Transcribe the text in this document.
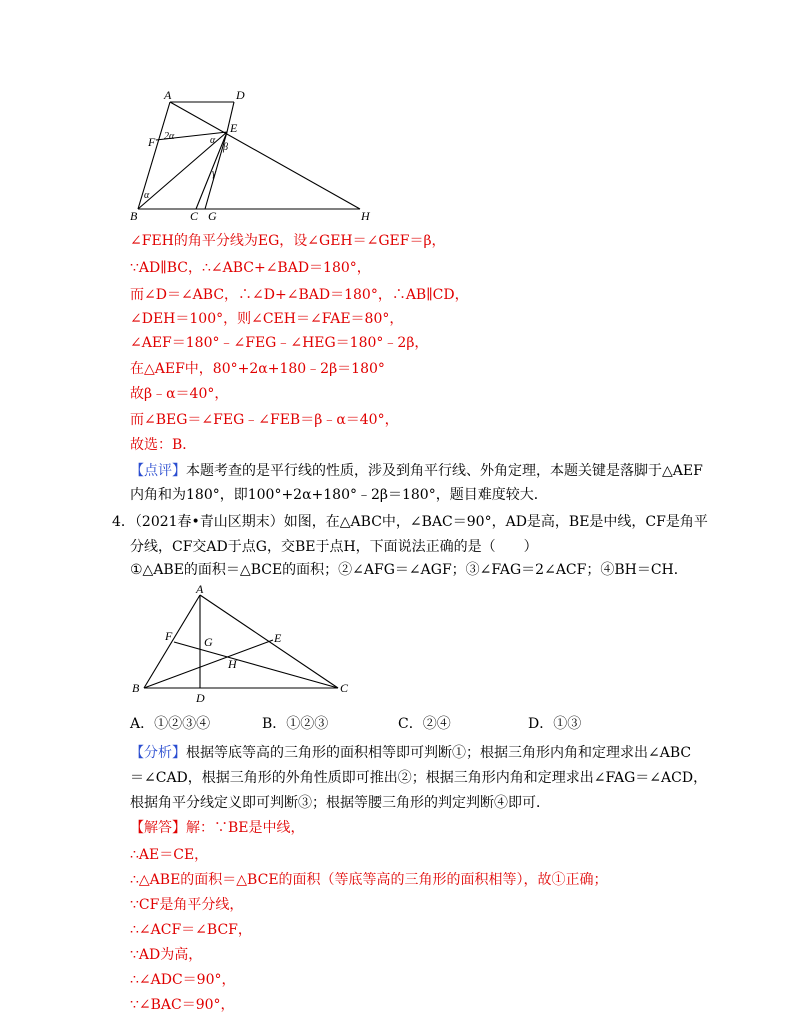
A	D
E
F
B	C G	H
2α	α
β
γ
α
∠FEH的角平分线为EG，设∠GEH＝∠GEF＝β，
∵AD∥BC，∴∠ABC+∠BAD＝180°，
而∠D＝∠ABC，∴∠D+∠BAD＝180°，∴AB∥CD，
∠DEH＝100°，则∠CEH＝∠FAE＝80°，
∠AEF＝180°﹣∠FEG﹣∠HEG＝180°﹣2β，
在△AEF中，80°+2α+180﹣2β＝180°
故β﹣α＝40°，
而∠BEG＝∠FEG﹣∠FEB＝β﹣α＝40°，
故选：B．
【点评】本题考查的是平行线的性质，涉及到角平行线、外角定理，本题关键是落脚于△AEF
内角和为180°，即100°+2α+180°﹣2β＝180°，题目难度较大．
4．（2021春•青山区期末）如图，在△ABC中，∠BAC＝90°，AD是高，BE是中线，CF是角平
分线，CF交AD于点G，交BE于点H，下面说法正确的是（　　）
①△ABE的面积＝△BCE的面积；②∠AFG＝∠AGF；③∠FAG＝2∠ACF；④BH＝CH．
A
F	G	E
H
B
D
C
A．①②③④	B．①②③	C．②④	D．①③
【分析】根据等底等高的三角形的面积相等即可判断①；根据三角形内角和定理求出∠ABC
＝∠CAD，根据三角形的外角性质即可推出②；根据三角形内角和定理求出∠FAG＝∠ACD，
根据角平分线定义即可判断③；根据等腰三角形的判定判断④即可．
【解答】解：∵BE是中线，
∴AE＝CE，
∴△ABE的面积＝△BCE的面积（等底等高的三角形的面积相等），故①正确；
∵CF是角平分线，
∴∠ACF＝∠BCF，
∵AD为高，
∴∠ADC＝90°，
∵∠BAC＝90°，
